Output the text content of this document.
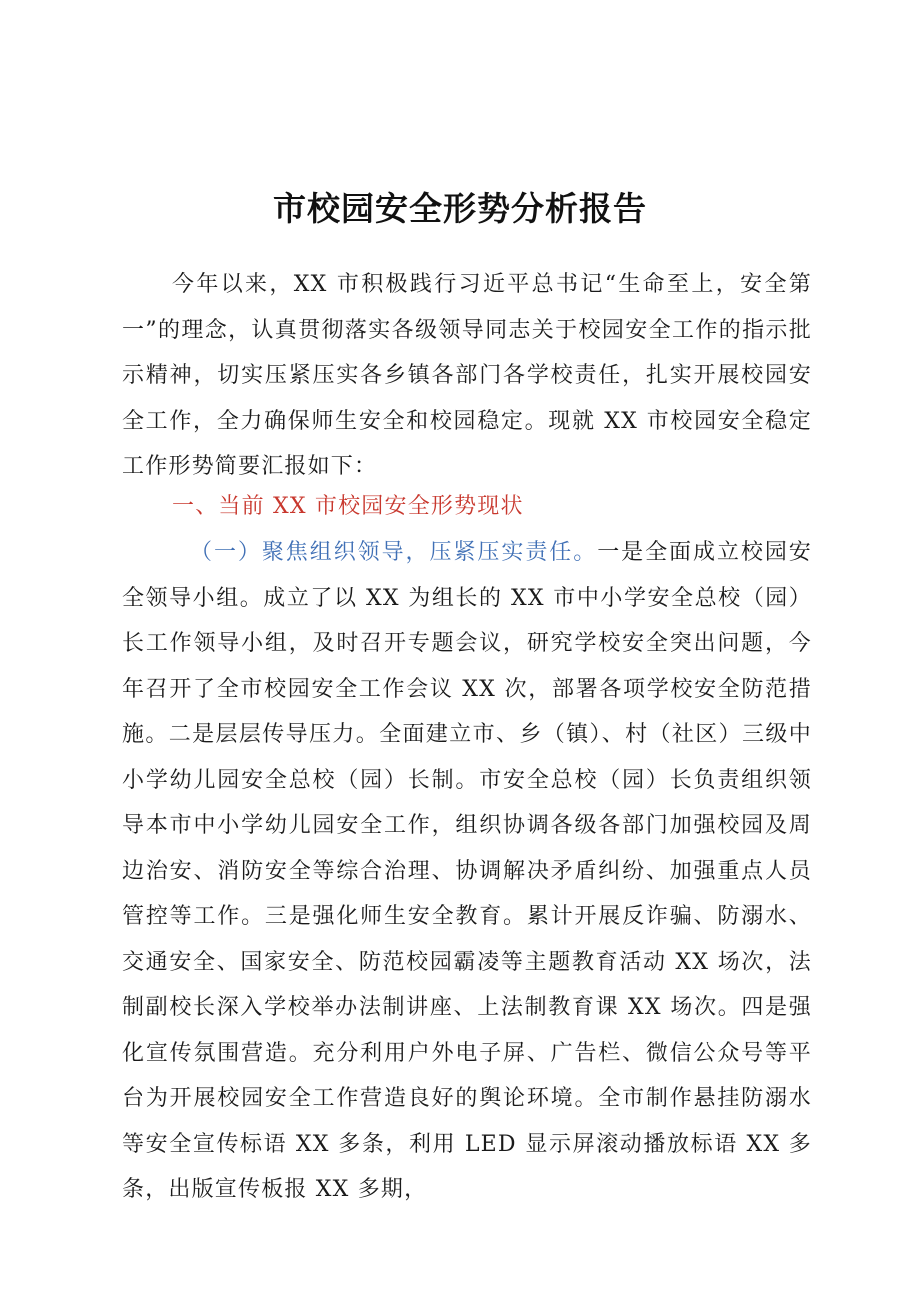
市校园安全形势分析报告

今年以来，XX 市积极践行习近平总书记“生命至上，安全第一”的理念，认真贯彻落实各级领导同志关于校园安全工作的指示批示精神，切实压紧压实各乡镇各部门各学校责任，扎实开展校园安全工作，全力确保师生安全和校园稳定。现就 XX 市校园安全稳定工作形势简要汇报如下：

一、当前 XX 市校园安全形势现状

（一）聚焦组织领导，压紧压实责任。一是全面成立校园安全领导小组。成立了以 XX 为组长的 XX 市中小学安全总校（园）长工作领导小组，及时召开专题会议，研究学校安全突出问题，今年召开了全市校园安全工作会议 XX 次，部署各项学校安全防范措施。二是层层传导压力。全面建立市、乡（镇）、村（社区）三级中小学幼儿园安全总校（园）长制。市安全总校（园）长负责组织领导本市中小学幼儿园安全工作，组织协调各级各部门加强校园及周边治安、消防安全等综合治理、协调解决矛盾纠纷、加强重点人员管控等工作。三是强化师生安全教育。累计开展反诈骗、防溺水、交通安全、国家安全、防范校园霸凌等主题教育活动 XX 场次，法制副校长深入学校举办法制讲座、上法制教育课 XX 场次。四是强化宣传氛围营造。充分利用户外电子屏、广告栏、微信公众号等平台为开展校园安全工作营造良好的舆论环境。全市制作悬挂防溺水等安全宣传标语 XX 多条，利用 LED 显示屏滚动播放标语 XX 多条，出版宣传板报 XX 多期，
